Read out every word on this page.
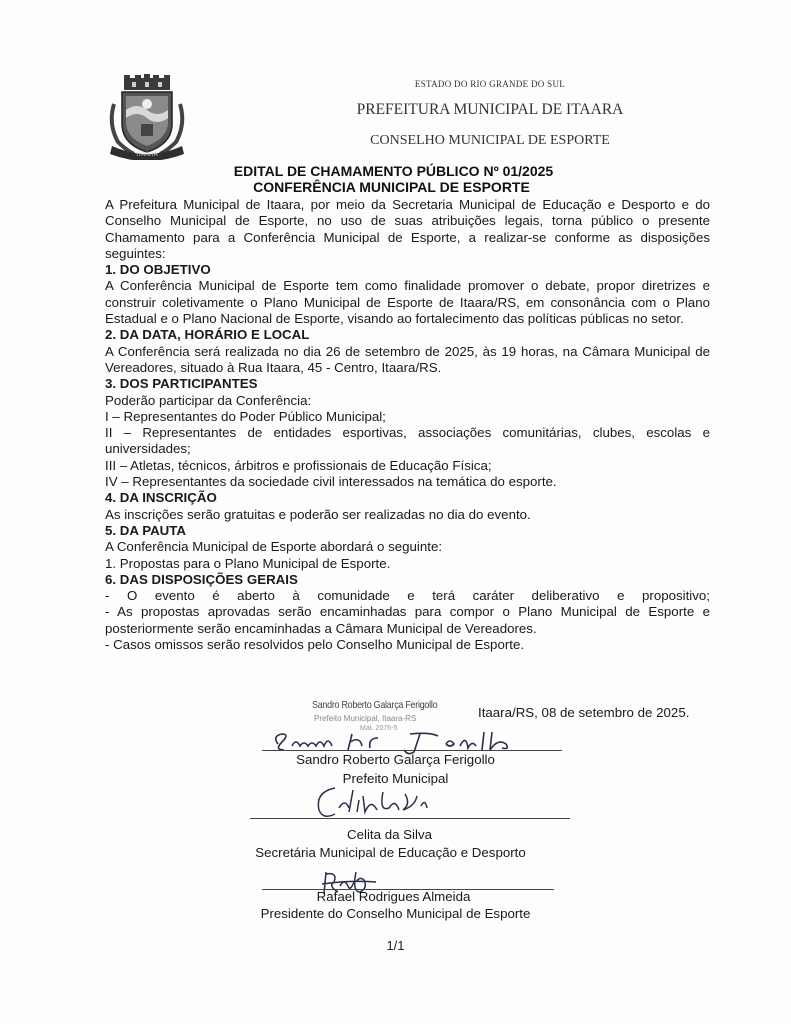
ITAARA
ESTADO DO RIO GRANDE DO SUL
PREFEITURA MUNICIPAL DE ITAARA
CONSELHO MUNICIPAL DE ESPORTE
EDITAL DE CHAMAMENTO PÚBLICO Nº 01/2025
CONFERÊNCIA MUNICIPAL DE ESPORTE

A Prefeitura Municipal de Itaara, por meio da Secretaria Municipal de Educação e Desporto e do Conselho Municipal de Esporte, no uso de suas atribuições legais, torna público o presente Chamamento para a Conferência Municipal de Esporte, a realizar-se conforme as disposições seguintes:

1. DO OBJETIVO

A Conferência Municipal de Esporte tem como finalidade promover o debate, propor diretrizes e construir coletivamente o Plano Municipal de Esporte de Itaara/RS, em consonância com o Plano Estadual e o Plano Nacional de Esporte, visando ao fortalecimento das políticas públicas no setor.

2. DA DATA, HORÁRIO E LOCAL

A Conferência será realizada no dia 26 de setembro de 2025, às 19 horas, na Câmara Municipal de Vereadores, situado à Rua Itaara, 45 - Centro, Itaara/RS.

3. DOS PARTICIPANTES

Poderão participar da Conferência:

I – Representantes do Poder Público Municipal;

II – Representantes de entidades esportivas, associações comunitárias, clubes, escolas e universidades;

III – Atletas, técnicos, árbitros e profissionais de Educação Física;

IV – Representantes da sociedade civil interessados na temática do esporte.

4. DA INSCRIÇÃO

As inscrições serão gratuitas e poderão ser realizadas no dia do evento.

5. DA PAUTA

A Conferência Municipal de Esporte abordará o seguinte:

1. Propostas para o Plano Municipal de Esporte.

6. DAS DISPOSIÇÕES GERAIS

- O evento é aberto à comunidade e terá caráter deliberativo e propositivo;

- As propostas aprovadas serão encaminhadas para compor o Plano Municipal de Esporte e posteriormente serão encaminhadas a Câmara Municipal de Vereadores.

- Casos omissos serão resolvidos pelo Conselho Municipal de Esporte.

Sandro Roberto Galarça Ferigollo
Prefeito Municipal, Itaara-RS
Mat. 2076-5
Itaara/RS, 08 de setembro de 2025.
Sandro Roberto Galarça Ferigollo
Prefeito Municipal
Celita da Silva
Secretária Municipal de Educação e Desporto
Rafael Rodrigues Almeida
Presidente do Conselho Municipal de Esporte
1/1
